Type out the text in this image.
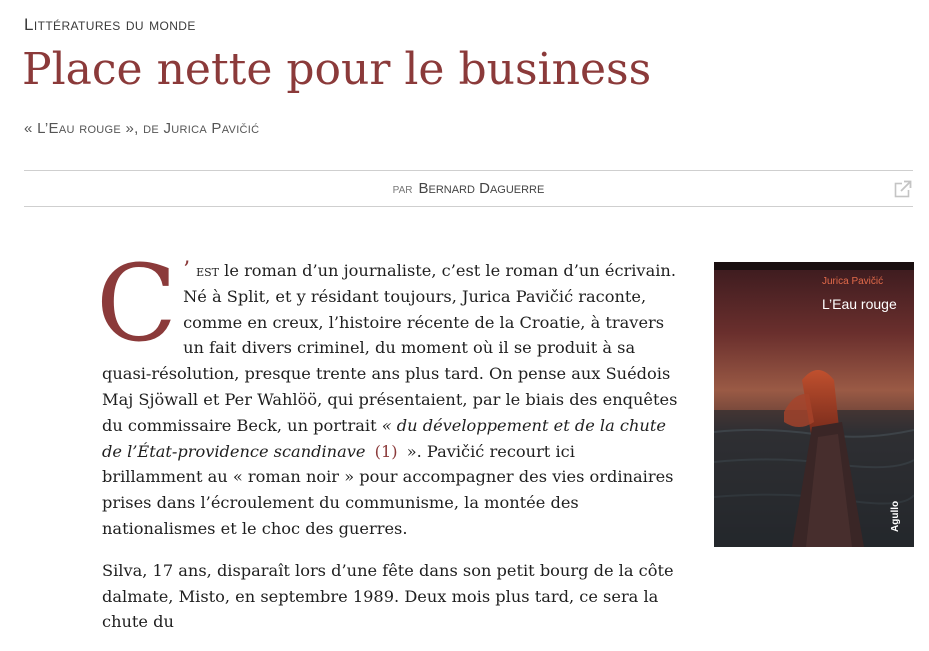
Littératures du monde
Place nette pour le business
« L’Eau rouge », de Jurica Pavičić
par Bernard Daguerre

C ’ est le roman d’un journaliste, c’est le roman d’un écrivain. Né à Split, et y résidant toujours, Jurica Pavičić raconte, comme en creux, l’histoire récente de la Croatie, à travers un fait divers criminel, du moment où il se produit à sa quasi-résolution, presque trente ans plus tard. On pense aux Suédois Maj Sjöwall et Per Wahlöö, qui présentaient, par le biais des enquêtes du commissaire Beck, un portrait « du développement et de la chute de l’État-providence scandinave (1) ». Pavičić recourt ici brillamment au « roman noir » pour accompagner des vies ordinaires prises dans l’écroulement du communisme, la montée des nationalismes et le choc des guerres.

Silva, 17 ans, disparaît lors d’une fête dans son petit bourg de la côte dalmate, Misto, en septembre 1989. Deux mois plus tard, ce sera la chute du

Jurica Pavičić
L’Eau rouge
Agullo
